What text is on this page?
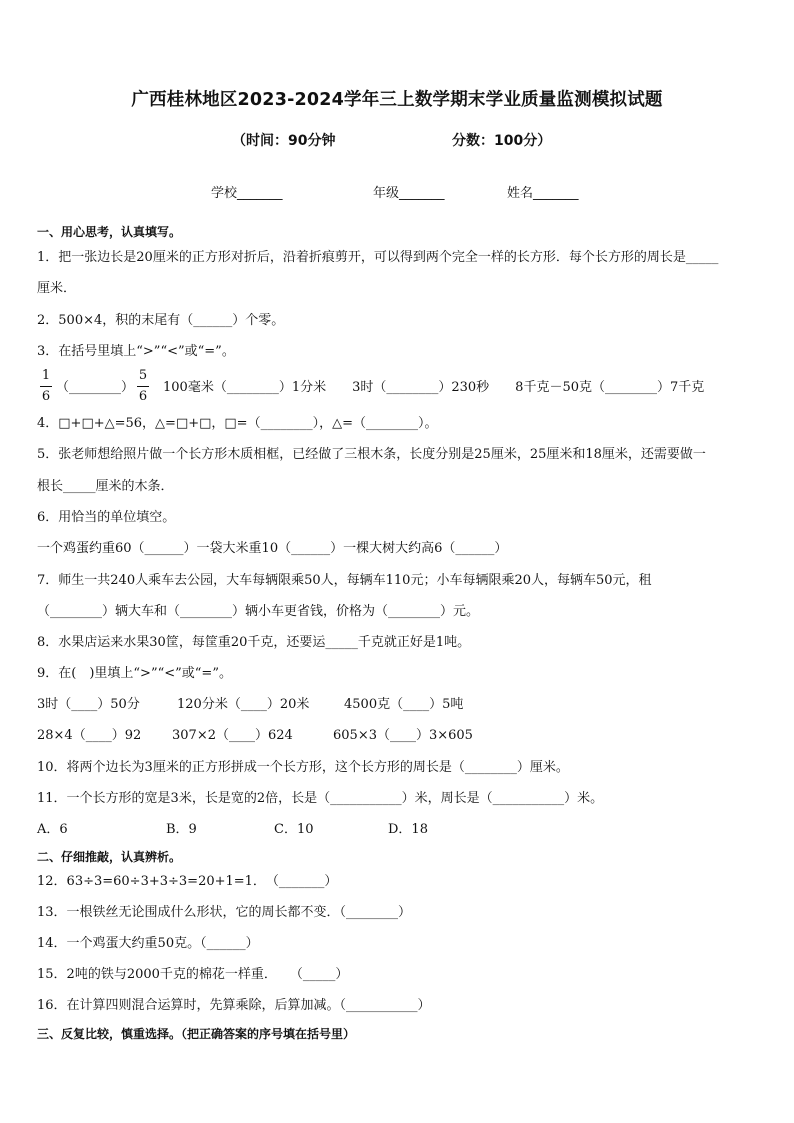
广西桂林地区2023-2024学年三上数学期末学业质量监测模拟试题
（时间：90分钟	分数：100分）
学校_______	年级_______	姓名_______
一、用心思考，认真填写。
1．把一张边长是20厘米的正方形对折后，沿着折痕剪开，可以得到两个完全一样的长方形．每个长方形的周长是_____
厘米．
2．500×4，积的末尾有（______）个零。
3．在括号里填上“>”“<”或“=”。
1
6
（________）
5
6
100毫米（________）1分米　　3时（________）230秒　　8千克－50克（________）7千克
4．□+□+△=56，△=□+□，□=（________），△=（________）。
5．张老师想给照片做一个长方形木质相框，已经做了三根木条，长度分别是25厘米，25厘米和18厘米，还需要做一
根长_____厘米的木条．
6．用恰当的单位填空。
一个鸡蛋约重60（______）一袋大米重10（______）一棵大树大约高6（______）
7．师生一共240人乘车去公园，大车每辆限乘50人，每辆车110元；小车每辆限乘20人，每辆车50元，租
（________）辆大车和（________）辆小车更省钱，价格为（________）元。
8．水果店运来水果30筐，每筐重20千克，还要运_____千克就正好是1吨。
9．在(　)里填上“>”“<”或“=”。
3时（____）50分	120分米（____）20米	4500克（____）5吨
28×4（____）92 307×2（____）624	605×3（____）3×605
10．将两个边长为3厘米的正方形拼成一个长方形，这个长方形的周长是（________）厘米。
11．一个长方形的宽是3米，长是宽的2倍，长是（___________）米，周长是（___________）米。
A．6	B．9	C．10	D．18
二、仔细推敲，认真辨析。
12．63÷3=60÷3+3÷3=20+1=1．　（_______）
13．一根铁丝无论围成什么形状，它的周长都不变．（________）
14．一个鸡蛋大约重50克。（______）
15．2吨的铁与2000千克的棉花一样重．　　（_____）
16．在计算四则混合运算时，先算乘除，后算加减。（___________）
三、反复比较，慎重选择。（把正确答案的序号填在括号里）
